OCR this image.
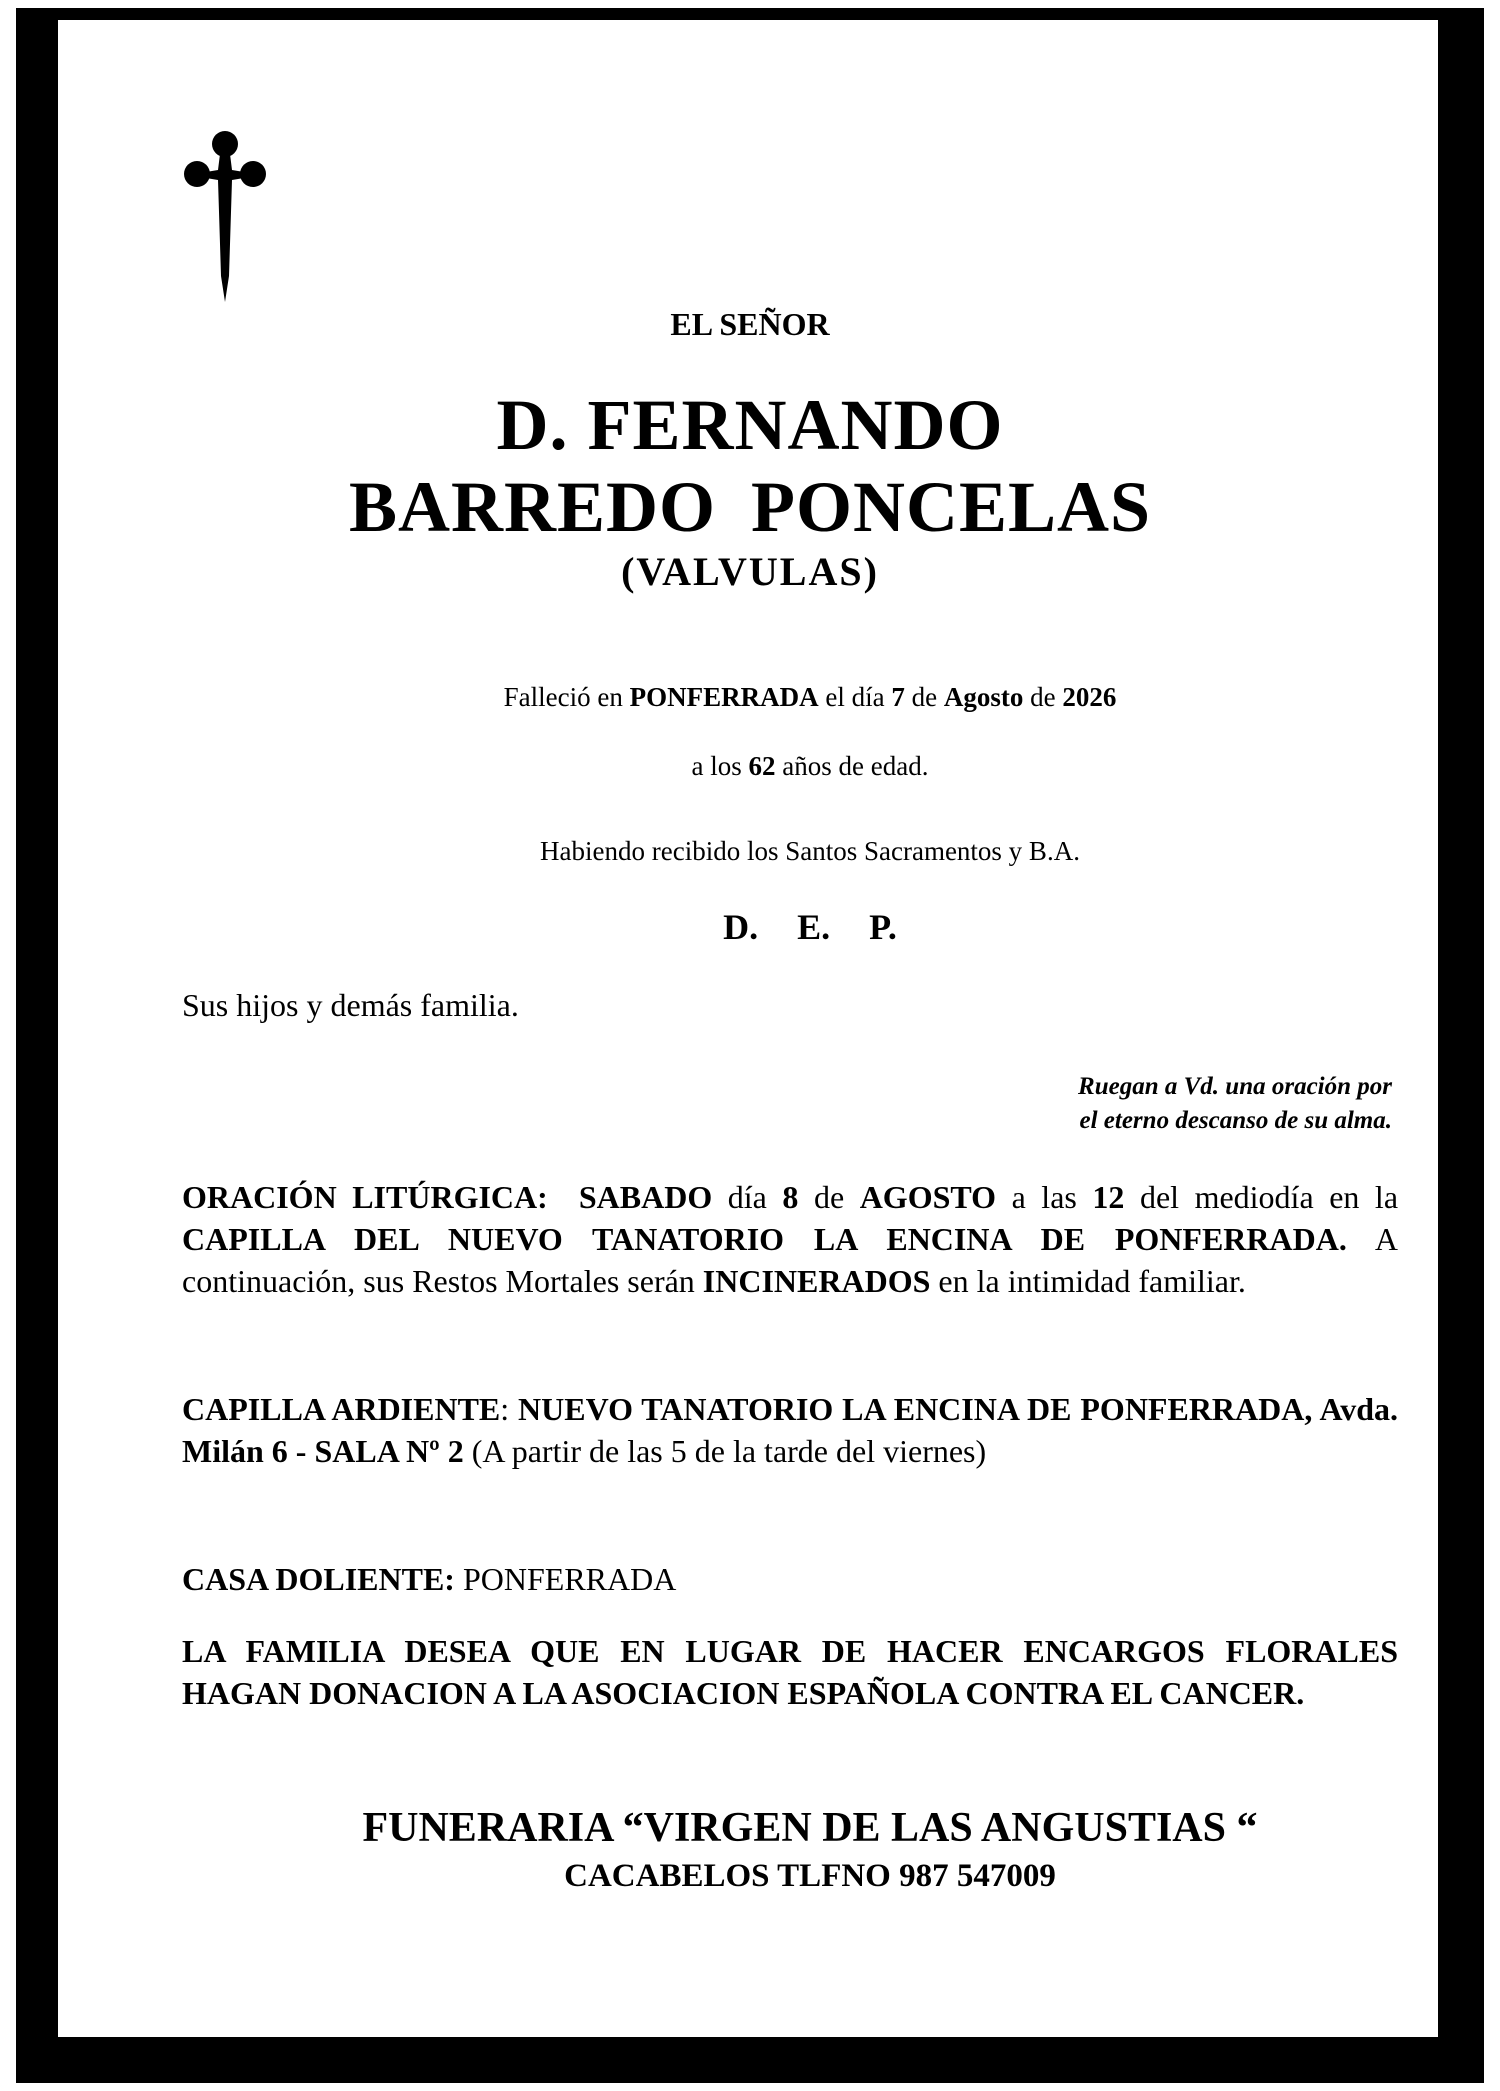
EL SEÑOR
D. FERNANDO
BARREDO PONCELAS
(VALVULAS)
Falleció en PONFERRADA el día 7 de Agosto de 2026
a los 62 años de edad.
Habiendo recibido los Santos Sacramentos y B.A.
D. E. P.
Sus hijos y demás familia.
Ruegan a Vd. una oración por
el eterno descanso de su alma.
ORACIÓN LITÚRGICA: SABADO día 8 de AGOSTO a las 12 del mediodía en la CAPILLA DEL NUEVO TANATORIO LA ENCINA DE PONFERRADA. A continuación, sus Restos Mortales serán INCINERADOS en la intimidad familiar.
CAPILLA ARDIENTE: NUEVO TANATORIO LA ENCINA DE PONFERRADA, Avda. Milán 6 - SALA Nº 2 (A partir de las 5 de la tarde del viernes)
CASA DOLIENTE: PONFERRADA
LA FAMILIA DESEA QUE EN LUGAR DE HACER ENCARGOS FLORALES HAGAN DONACION A LA ASOCIACION ESPAÑOLA CONTRA EL CANCER.
FUNERARIA “VIRGEN DE LAS ANGUSTIAS “
CACABELOS TLFNO 987 547009
